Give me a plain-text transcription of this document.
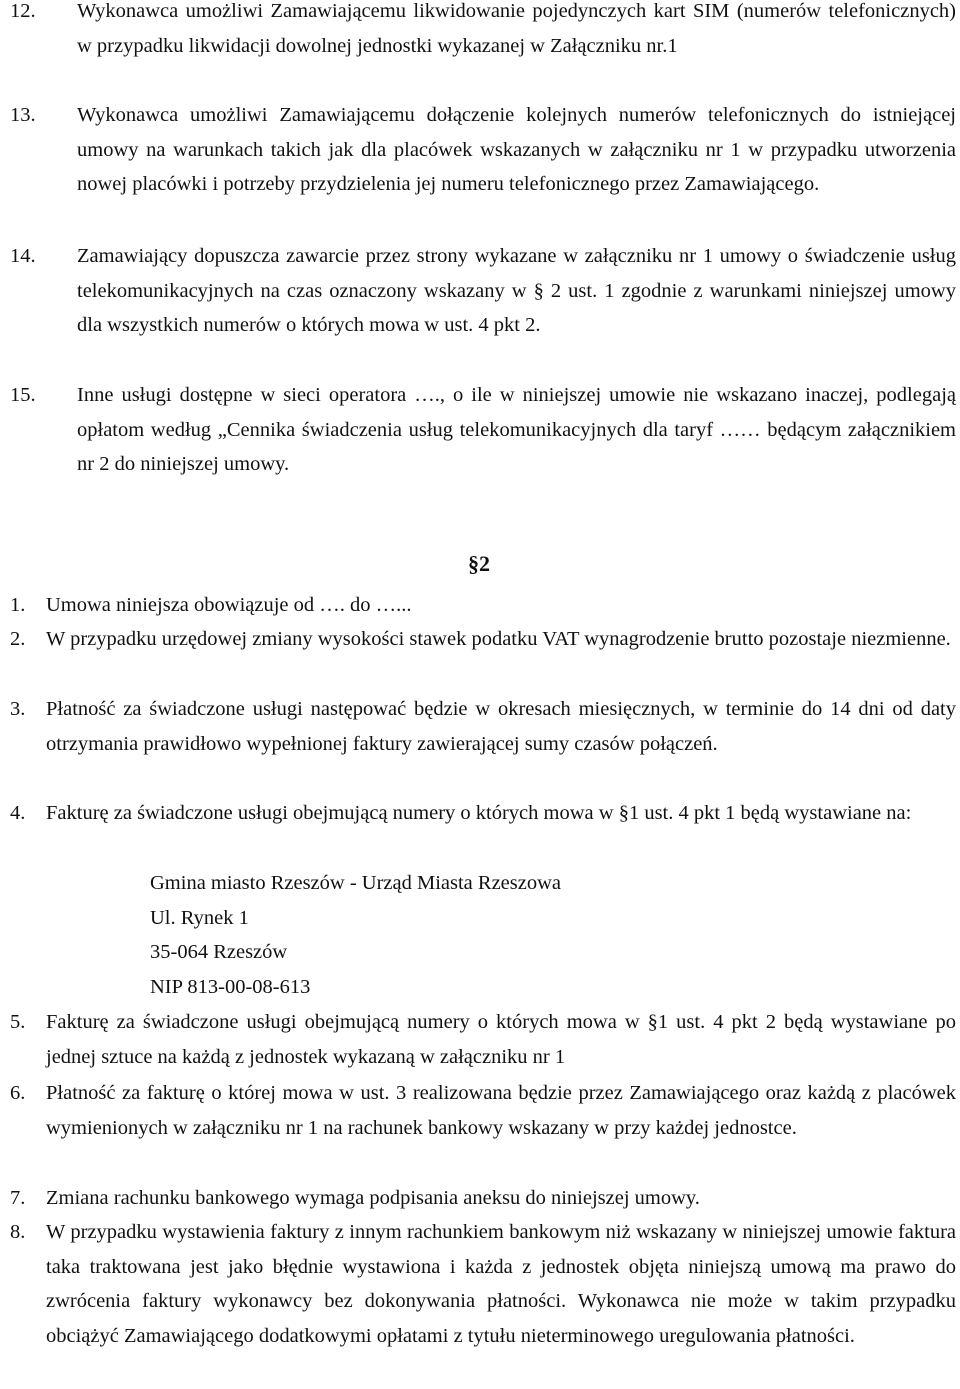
12.	Wykonawca umożliwi Zamawiającemu likwidowanie pojedynczych kart SIM (numerów telefonicznych) w przypadku likwidacji dowolnej jednostki wykazanej w Załączniku nr.1

13.	Wykonawca umożliwi Zamawiającemu dołączenie kolejnych numerów telefonicznych do istniejącej umowy na warunkach takich jak dla placówek wskazanych w załączniku nr 1 w przypadku utworzenia nowej placówki i potrzeby przydzielenia jej numeru telefonicznego przez Zamawiającego.

14.	Zamawiający dopuszcza zawarcie przez strony wykazane w załączniku nr 1 umowy o świadczenie usług telekomunikacyjnych na czas oznaczony wskazany w § 2 ust. 1 zgodnie z warunkami niniejszej umowy dla wszystkich numerów o których mowa w ust. 4 pkt 2.

15.	Inne usługi dostępne w sieci operatora …., o ile w niniejszej umowie nie wskazano inaczej, podlegają opłatom według „Cennika świadczenia usług telekomunikacyjnych dla taryf …… będącym załącznikiem nr 2 do niniejszej umowy.

§2
1.	Umowa niniejsza obowiązuje od …. do …...

2.	W przypadku urzędowej zmiany wysokości stawek podatku VAT wynagrodzenie brutto pozostaje niezmienne.

3.	Płatność za świadczone usługi następować będzie w okresach miesięcznych, w terminie do 14 dni od daty otrzymania prawidłowo wypełnionej faktury zawierającej sumy czasów połączeń.

4.	Fakturę za świadczone usługi obejmującą numery o których mowa w §1 ust. 4 pkt 1 będą wystawiane na:

Gmina miasto Rzeszów - Urząd Miasta Rzeszowa
Ul. Rynek 1
35-064 Rzeszów
NIP 813-00-08-613
5.	Fakturę za świadczone usługi obejmującą numery o których mowa w §1 ust. 4 pkt 2 będą wystawiane po jednej sztuce na każdą z jednostek wykazaną w załączniku nr 1

6.	Płatność za fakturę o której mowa w ust. 3 realizowana będzie przez Zamawiającego oraz każdą z placówek wymienionych w załączniku nr 1 na rachunek bankowy wskazany w przy każdej jednostce.

7.	Zmiana rachunku bankowego wymaga podpisania aneksu do niniejszej umowy.

8.	W przypadku wystawienia faktury z innym rachunkiem bankowym niż wskazany w niniejszej umowie faktura taka traktowana jest jako błędnie wystawiona i każda z jednostek objęta niniejszą umową ma prawo do zwrócenia faktury wykonawcy bez dokonywania płatności. Wykonawca nie może w takim przypadku obciążyć Zamawiającego dodatkowymi opłatami z tytułu nieterminowego uregulowania płatności.
